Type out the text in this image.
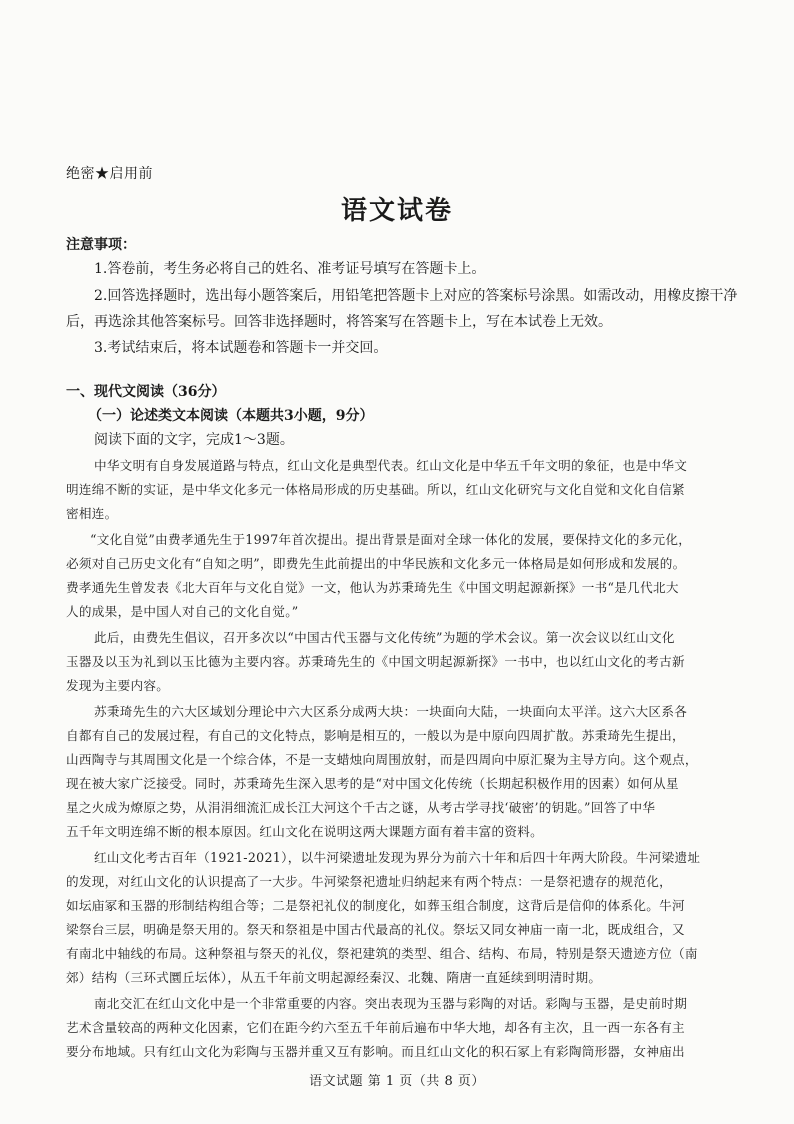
绝密★启用前
语文试卷
注意事项：
1.答卷前，考生务必将自己的姓名、准考证号填写在答题卡上。
2.回答选择题时，选出每小题答案后，用铅笔把答题卡上对应的答案标号涂黑。如需改动，用橡皮擦干净
后，再选涂其他答案标号。回答非选择题时，将答案写在答题卡上，写在本试卷上无效。
3.考试结束后，将本试题卷和答题卡一并交回。
一、现代文阅读（36分）
（一）论述类文本阅读（本题共3小题，9分）
阅读下面的文字，完成1～3题。
中华文明有自身发展道路与特点，红山文化是典型代表。红山文化是中华五千年文明的象征，也是中华文
明连绵不断的实证，是中华文化多元一体格局形成的历史基础。所以，红山文化研究与文化自觉和文化自信紧
密相连。
“文化自觉”由费孝通先生于1997年首次提出。提出背景是面对全球一体化的发展，要保持文化的多元化，
必须对自己历史文化有“自知之明”，即费先生此前提出的中华民族和文化多元一体格局是如何形成和发展的。
费孝通先生曾发表《北大百年与文化自觉》一文，他认为苏秉琦先生《中国文明起源新探》一书“是几代北大
人的成果，是中国人对自己的文化自觉。”
此后，由费先生倡议，召开多次以“中国古代玉器与文化传统”为题的学术会议。第一次会议以红山文化
玉器及以玉为礼到以玉比德为主要内容。苏秉琦先生的《中国文明起源新探》一书中，也以红山文化的考古新
发现为主要内容。
苏秉琦先生的六大区域划分理论中六大区系分成两大块：一块面向大陆，一块面向太平洋。这六大区系各
自都有自己的发展过程，有自己的文化特点，影响是相互的，一般以为是中原向四周扩散。苏秉琦先生提出，
山西陶寺与其周围文化是一个综合体，不是一支蜡烛向周围放射，而是四周向中原汇聚为主导方向。这个观点，
现在被大家广泛接受。同时，苏秉琦先生深入思考的是“对中国文化传统（长期起积极作用的因素）如何从星
星之火成为燎原之势，从涓涓细流汇成长江大河这个千古之谜，从考古学寻找‘破密’的钥匙。”回答了中华
五千年文明连绵不断的根本原因。红山文化在说明这两大课题方面有着丰富的资料。
红山文化考古百年（1921-2021），以牛河梁遗址发现为界分为前六十年和后四十年两大阶段。牛河梁遗址
的发现，对红山文化的认识提高了一大步。牛河梁祭祀遗址归纳起来有两个特点：一是祭祀遗存的规范化，
如坛庙冢和玉器的形制结构组合等；二是祭祀礼仪的制度化，如葬玉组合制度，这背后是信仰的体系化。牛河
梁祭台三层，明确是祭天用的。祭天和祭祖是中国古代最高的礼仪。祭坛又同女神庙一南一北，既成组合，又
有南北中轴线的布局。这种祭祖与祭天的礼仪，祭祀建筑的类型、组合、结构、布局，特别是祭天遗迹方位（南
郊）结构（三环式圜丘坛体），从五千年前文明起源经秦汉、北魏、隋唐一直延续到明清时期。
南北交汇在红山文化中是一个非常重要的内容。突出表现为玉器与彩陶的对话。彩陶与玉器，是史前时期
艺术含量较高的两种文化因素，它们在距今约六至五千年前后遍布中华大地，却各有主次，且一西一东各有主
要分布地域。只有红山文化为彩陶与玉器并重又互有影响。而且红山文化的积石冢上有彩陶筒形器，女神庙出
语文试题 第 1 页（共 8 页）
